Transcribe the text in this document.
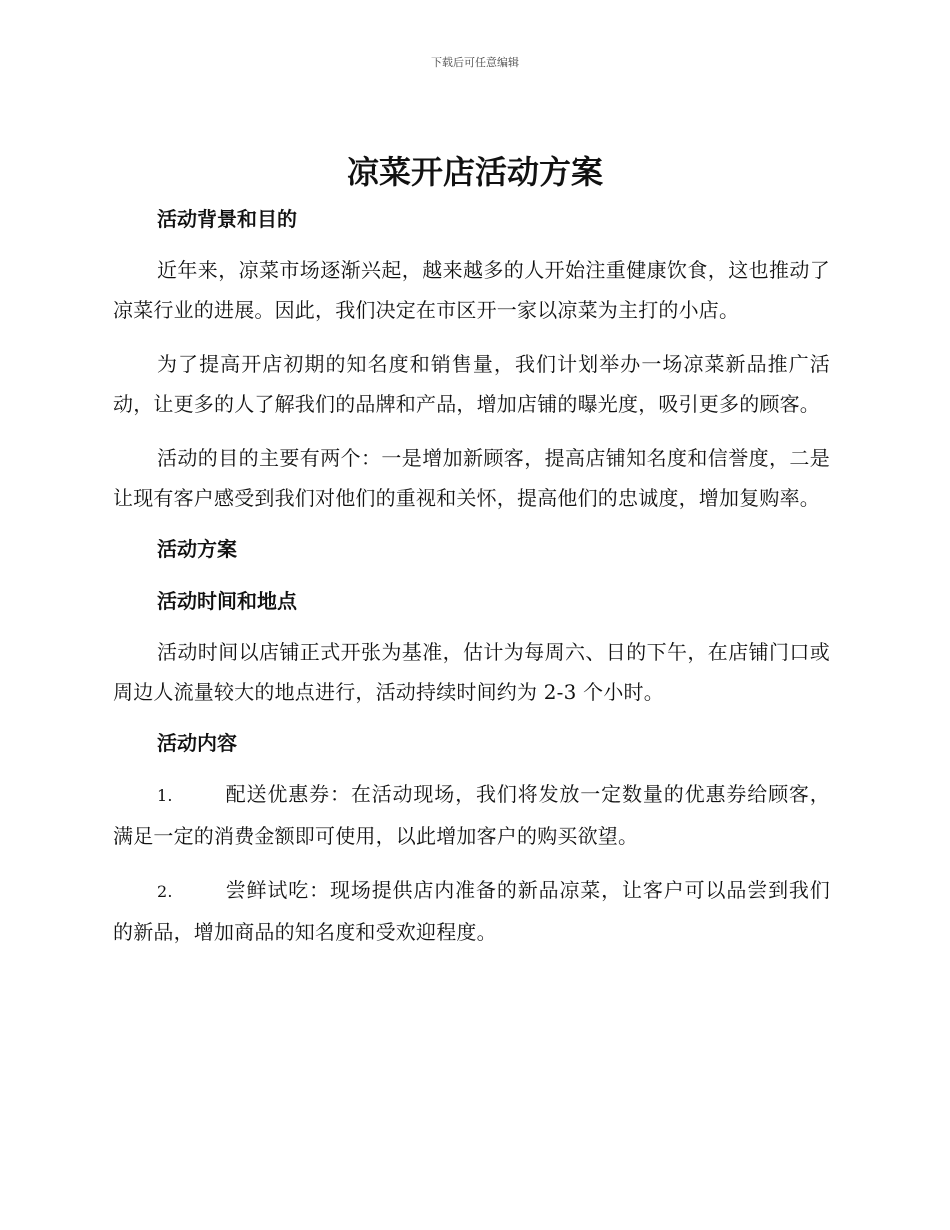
下载后可任意编辑
凉菜开店活动方案
活动背景和目的

近年来，凉菜市场逐渐兴起，越来越多的人开始注重健康饮食，这也推动了凉菜行业的进展。因此，我们决定在市区开一家以凉菜为主打的小店。

为了提高开店初期的知名度和销售量，我们计划举办一场凉菜新品推广活动，让更多的人了解我们的品牌和产品，增加店铺的曝光度，吸引更多的顾客。

活动的目的主要有两个：一是增加新顾客，提高店铺知名度和信誉度，二是让现有客户感受到我们对他们的重视和关怀，提高他们的忠诚度，增加复购率。

活动方案
活动时间和地点

活动时间以店铺正式开张为基准，估计为每周六、日的下午，在店铺门口或周边人流量较大的地点进行，活动持续时间约为 2-3 个小时。

活动内容

1.	配送优惠券：在活动现场，我们将发放一定数量的优惠券给顾客，满足一定的消费金额即可使用，以此增加客户的购买欲望。

2.	尝鲜试吃：现场提供店内准备的新品凉菜，让客户可以品尝到我们的新品，增加商品的知名度和受欢迎程度。
